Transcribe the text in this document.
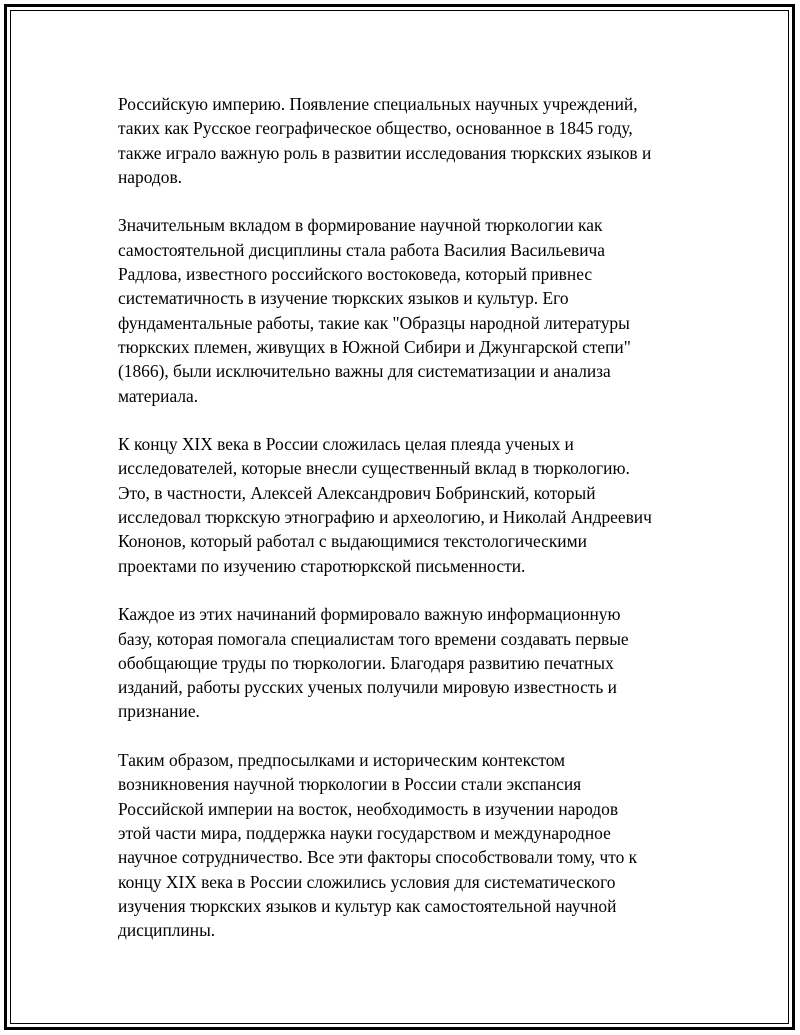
Российскую империю. Появление специальных научных учреждений,
таких как Русское географическое общество, основанное в 1845 году,
также играло важную роль в развитии исследования тюркских языков и
народов.

Значительным вкладом в формирование научной тюркологии как
самостоятельной дисциплины стала работа Василия Васильевича
Радлова, известного российского востоковеда, который привнес
систематичность в изучение тюркских языков и культур. Его
фундаментальные работы, такие как "Образцы народной литературы
тюркских племен, живущих в Южной Сибири и Джунгарской степи"
(1866), были исключительно важны для систематизации и анализа
материала.

К концу XIX века в России сложилась целая плеяда ученых и
исследователей, которые внесли существенный вклад в тюркологию.
Это, в частности, Алексей Александрович Бобринский, который
исследовал тюркскую этнографию и археологию, и Николай Андреевич
Кононов, который работал с выдающимися текстологическими
проектами по изучению старотюркской письменности.

Каждое из этих начинаний формировало важную информационную
базу, которая помогала специалистам того времени создавать первые
обобщающие труды по тюркологии. Благодаря развитию печатных
изданий, работы русских ученых получили мировую известность и
признание.

Таким образом, предпосылками и историческим контекстом
возникновения научной тюркологии в России стали экспансия
Российской империи на восток, необходимость в изучении народов
этой части мира, поддержка науки государством и международное
научное сотрудничество. Все эти факторы способствовали тому, что к
концу XIX века в России сложились условия для систематического
изучения тюркских языков и культур как самостоятельной научной
дисциплины.
